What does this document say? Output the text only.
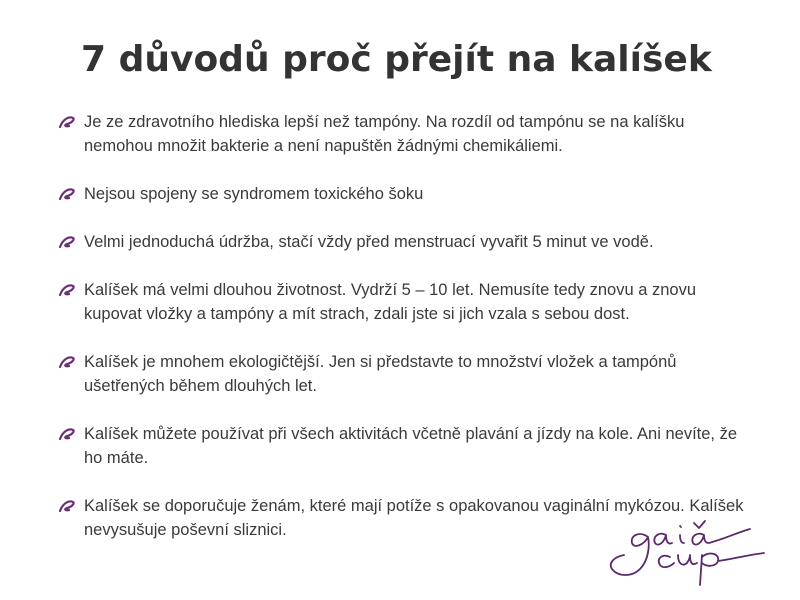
7 důvodů proč přejít na kalíšek
Je ze zdravotního hlediska lepší než tampóny. Na rozdíl od tampónu se na kalíšku nemohou množit bakterie a není napuštěn žádnými chemikáliemi.
Nejsou spojeny se syndromem toxického šoku
Velmi jednoduchá údržba, stačí vždy před menstruací vyvařit 5 minut ve vodě.
Kalíšek má velmi dlouhou životnost. Vydrží 5 – 10 let. Nemusíte tedy znovu a znovu kupovat vložky a tampóny a mít strach, zdali jste si jich vzala s sebou dost.
Kalíšek je mnohem ekologičtější. Jen si představte to množství vložek a tampónů ušetřených během dlouhých let.
Kalíšek můžete používat při všech aktivitách včetně plavání a jízdy na kole. Ani nevíte, že ho máte.
Kalíšek se doporučuje ženám, které mají potíže s opakovanou vaginální mykózou. Kalíšek nevysušuje poševní sliznici.
